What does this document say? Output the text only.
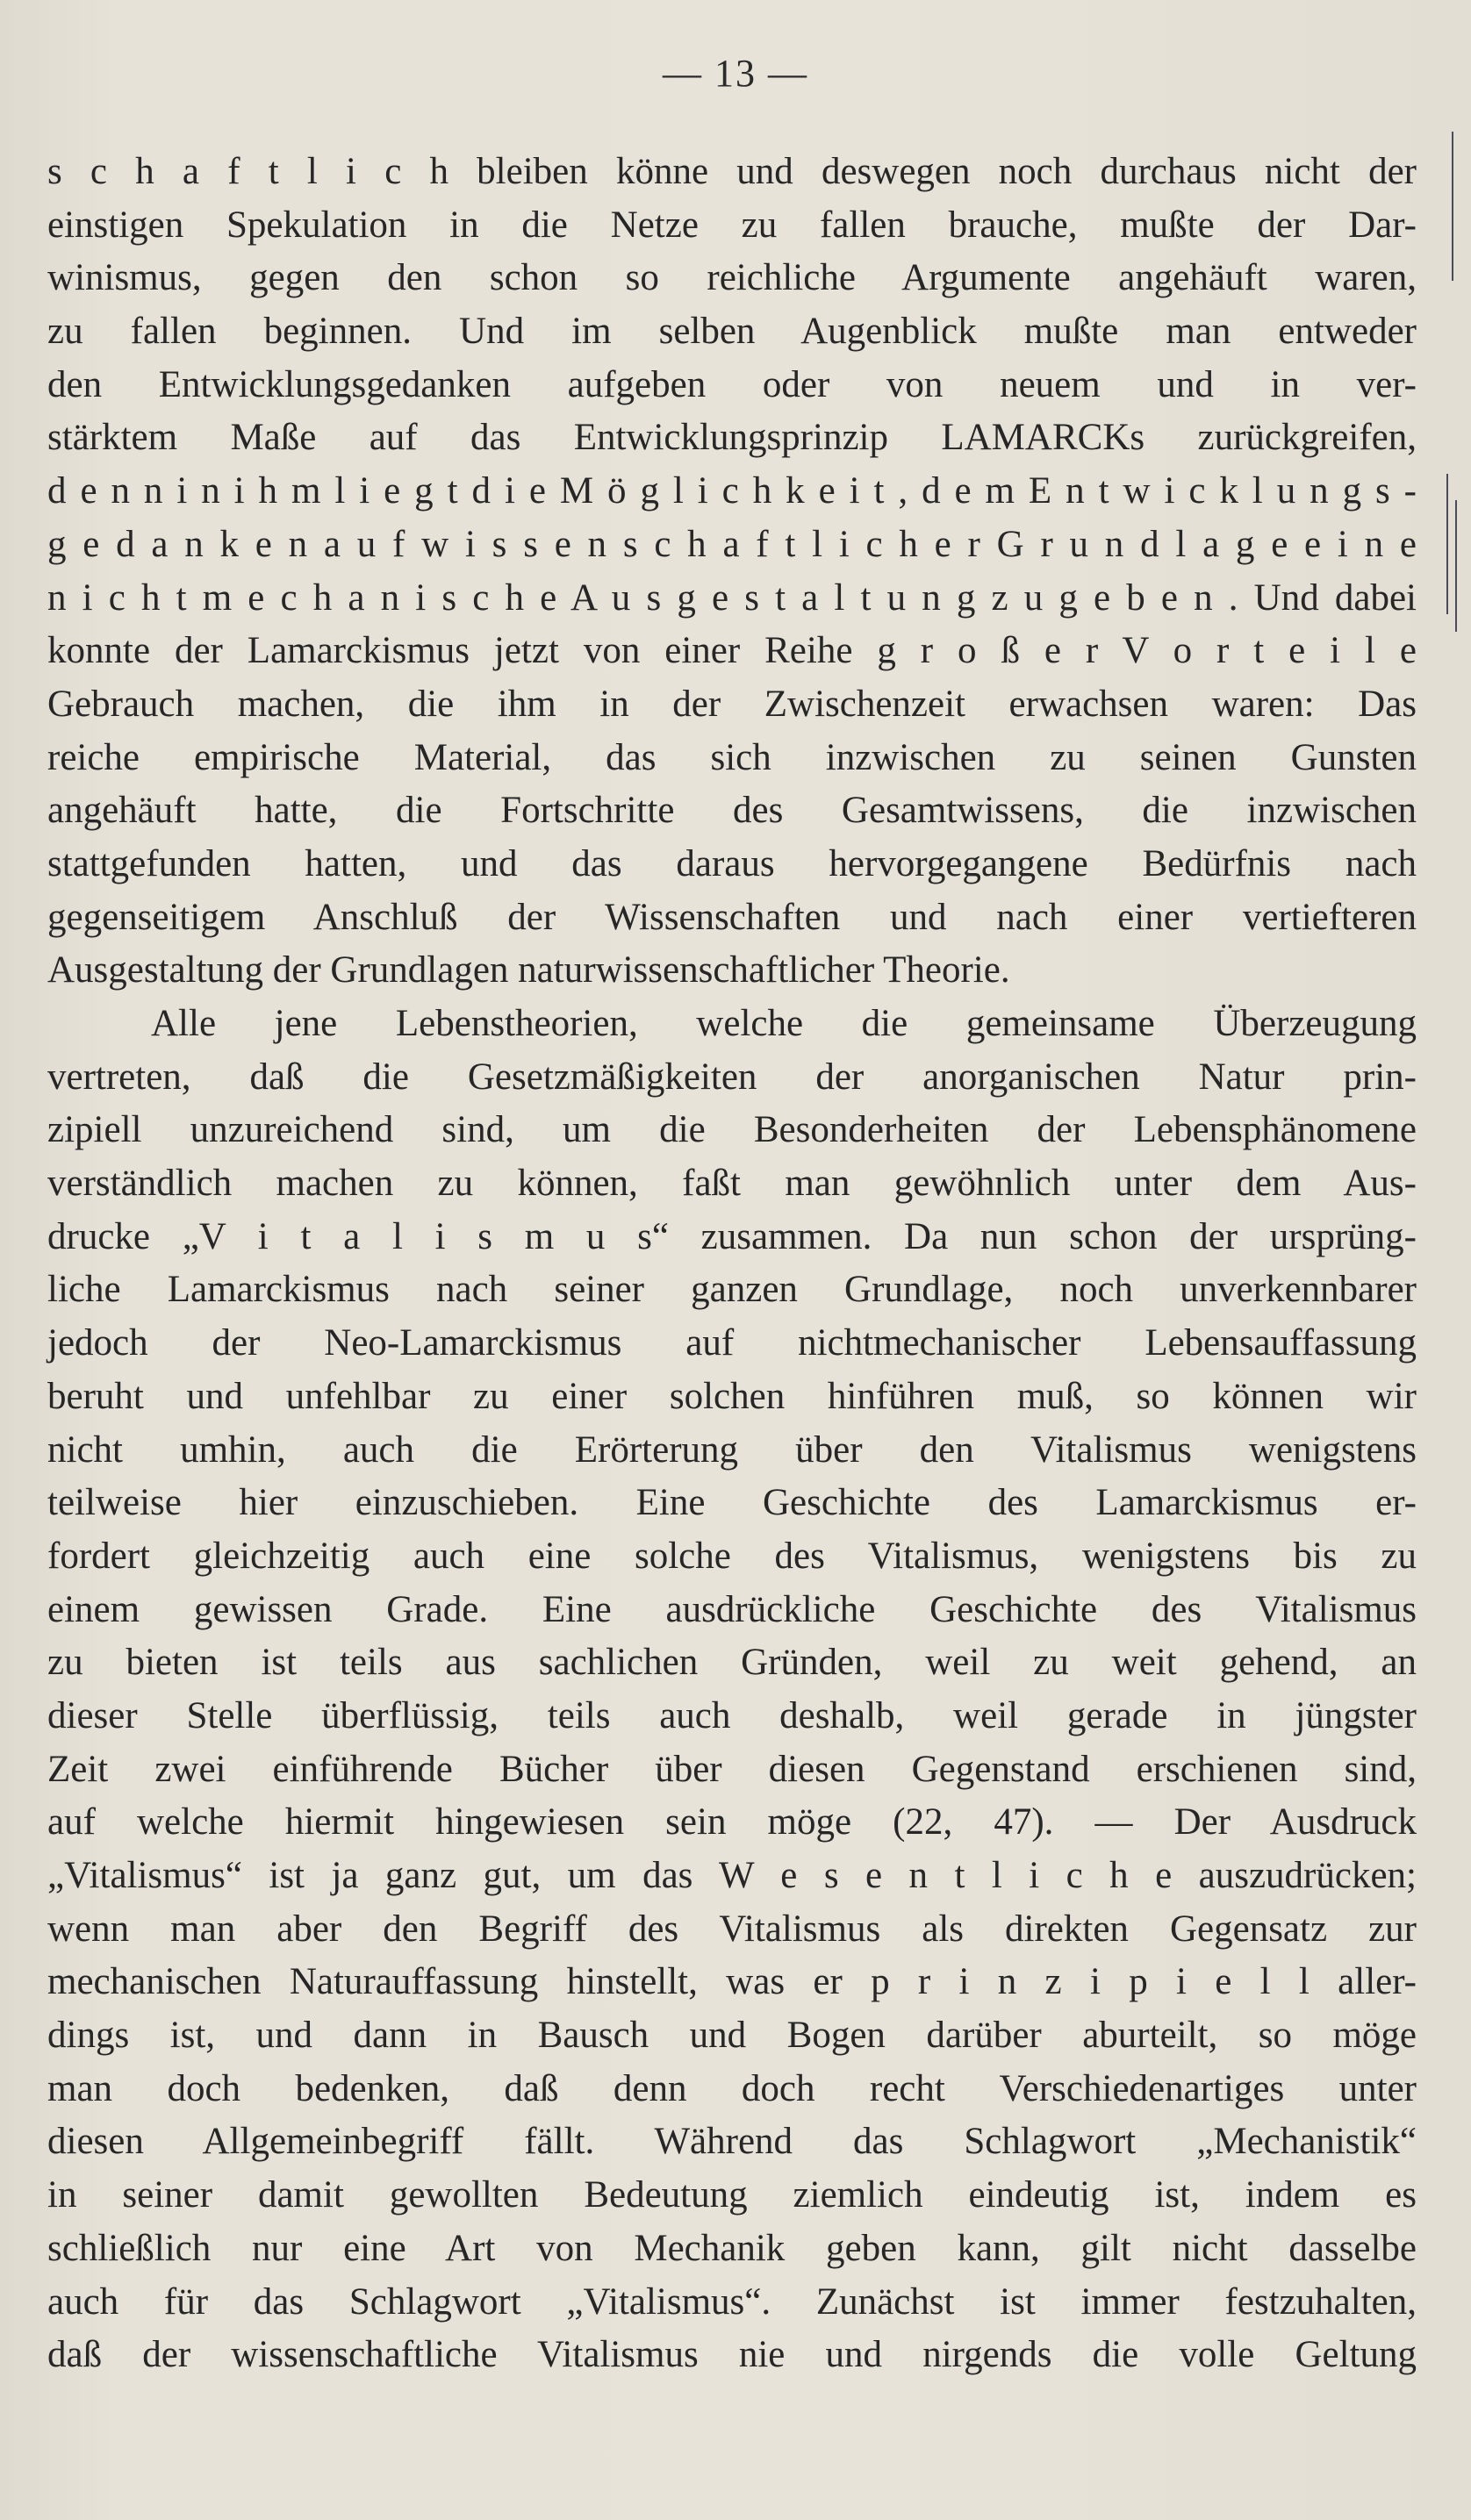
— 13 —
s c h a f t l i c h bleiben könne und deswegen noch durchaus nicht der
einstigen Spekulation in die Netze zu fallen brauche, mußte der Dar-
winismus, gegen den schon so reichliche Argumente angehäuft waren,
zu fallen beginnen. Und im selben Augenblick mußte man entweder
den Entwicklungsgedanken aufgeben oder von neuem und in ver-
stärktem Maße auf das Entwicklungsprinzip LAMARCKs zurückgreifen,
d e n n i n i h m l i e g t d i e M ö g l i c h k e i t , d e m E n t w i c k l u n g s -
g e d a n k e n a u f w i s s e n s c h a f t l i c h e r G r u n d l a g e e i n e
n i c h t m e c h a n i s c h e A u s g e s t a l t u n g z u g e b e n . Und dabei
konnte der Lamarckismus jetzt von einer Reihe g r o ß e r V o r t e i l e
Gebrauch machen, die ihm in der Zwischenzeit erwachsen waren: Das
reiche empirische Material, das sich inzwischen zu seinen Gunsten
angehäuft hatte, die Fortschritte des Gesamtwissens, die inzwischen
stattgefunden hatten, und das daraus hervorgegangene Bedürfnis nach
gegenseitigem Anschluß der Wissenschaften und nach einer vertiefteren
Ausgestaltung der Grundlagen naturwissenschaftlicher Theorie.
Alle jene Lebenstheorien, welche die gemeinsame Überzeugung
vertreten, daß die Gesetzmäßigkeiten der anorganischen Natur prin-
zipiell unzureichend sind, um die Besonderheiten der Lebensphänomene
verständlich machen zu können, faßt man gewöhnlich unter dem Aus-
drucke „V i t a l i s m u s“ zusammen. Da nun schon der ursprüng-
liche Lamarckismus nach seiner ganzen Grundlage, noch unverkennbarer
jedoch der Neo-Lamarckismus auf nichtmechanischer Lebensauffassung
beruht und unfehlbar zu einer solchen hinführen muß, so können wir
nicht umhin, auch die Erörterung über den Vitalismus wenigstens
teilweise hier einzuschieben. Eine Geschichte des Lamarckismus er-
fordert gleichzeitig auch eine solche des Vitalismus, wenigstens bis zu
einem gewissen Grade. Eine ausdrückliche Geschichte des Vitalismus
zu bieten ist teils aus sachlichen Gründen, weil zu weit gehend, an
dieser Stelle überflüssig, teils auch deshalb, weil gerade in jüngster
Zeit zwei einführende Bücher über diesen Gegenstand erschienen sind,
auf welche hiermit hingewiesen sein möge (22, 47). — Der Ausdruck
„Vitalismus“ ist ja ganz gut, um das W e s e n t l i c h e auszudrücken;
wenn man aber den Begriff des Vitalismus als direkten Gegensatz zur
mechanischen Naturauffassung hinstellt, was er p r i n z i p i e l l aller-
dings ist, und dann in Bausch und Bogen darüber aburteilt, so möge
man doch bedenken, daß denn doch recht Verschiedenartiges unter
diesen Allgemeinbegriff fällt. Während das Schlagwort „Mechanistik“
in seiner damit gewollten Bedeutung ziemlich eindeutig ist, indem es
schließlich nur eine Art von Mechanik geben kann, gilt nicht dasselbe
auch für das Schlagwort „Vitalismus“. Zunächst ist immer festzuhalten,
daß der wissenschaftliche Vitalismus nie und nirgends die volle Geltung
